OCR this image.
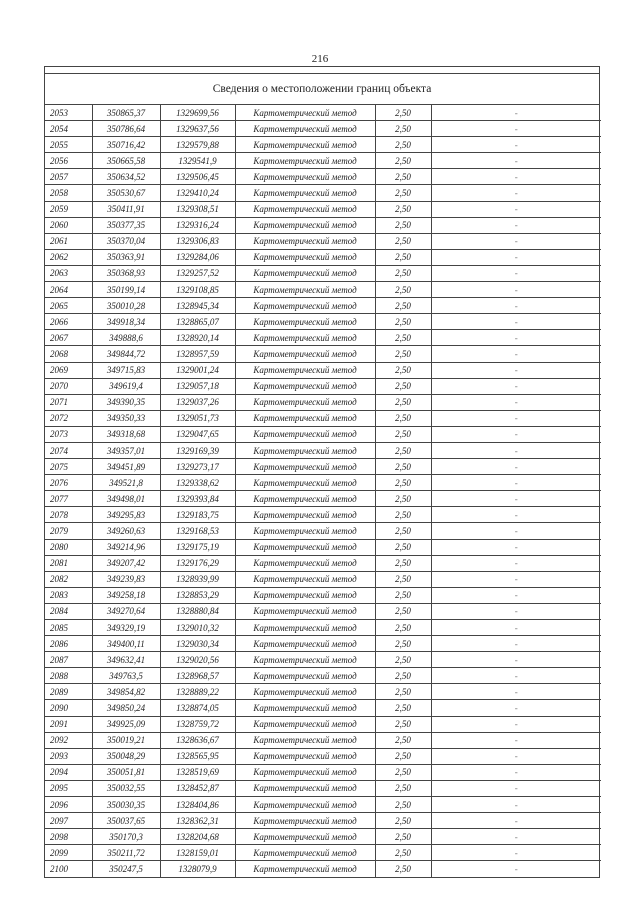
216
Сведения о местоположении границ объекта
2053	350865,37	1329699,56	Картометрический метод	2,50	-
2054	350786,64	1329637,56	Картометрический метод	2,50	-
2055	350716,42	1329579,88	Картометрический метод	2,50	-
2056	350665,58	1329541,9	Картометрический метод	2,50	-
2057	350634,52	1329506,45	Картометрический метод	2,50	-
2058	350530,67	1329410,24	Картометрический метод	2,50	-
2059	350411,91	1329308,51	Картометрический метод	2,50	-
2060	350377,35	1329316,24	Картометрический метод	2,50	-
2061	350370,04	1329306,83	Картометрический метод	2,50	-
2062	350363,91	1329284,06	Картометрический метод	2,50	-
2063	350368,93	1329257,52	Картометрический метод	2,50	-
2064	350199,14	1329108,85	Картометрический метод	2,50	-
2065	350010,28	1328945,34	Картометрический метод	2,50	-
2066	349918,34	1328865,07	Картометрический метод	2,50	-
2067	349888,6	1328920,14	Картометрический метод	2,50	-
2068	349844,72	1328957,59	Картометрический метод	2,50	-
2069	349715,83	1329001,24	Картометрический метод	2,50	-
2070	349619,4	1329057,18	Картометрический метод	2,50	-
2071	349390,35	1329037,26	Картометрический метод	2,50	-
2072	349350,33	1329051,73	Картометрический метод	2,50	-
2073	349318,68	1329047,65	Картометрический метод	2,50	-
2074	349357,01	1329169,39	Картометрический метод	2,50	-
2075	349451,89	1329273,17	Картометрический метод	2,50	-
2076	349521,8	1329338,62	Картометрический метод	2,50	-
2077	349498,01	1329393,84	Картометрический метод	2,50	-
2078	349295,83	1329183,75	Картометрический метод	2,50	-
2079	349260,63	1329168,53	Картометрический метод	2,50	-
2080	349214,96	1329175,19	Картометрический метод	2,50	-
2081	349207,42	1329176,29	Картометрический метод	2,50	-
2082	349239,83	1328939,99	Картометрический метод	2,50	-
2083	349258,18	1328853,29	Картометрический метод	2,50	-
2084	349270,64	1328880,84	Картометрический метод	2,50	-
2085	349329,19	1329010,32	Картометрический метод	2,50	-
2086	349400,11	1329030,34	Картометрический метод	2,50	-
2087	349632,41	1329020,56	Картометрический метод	2,50	-
2088	349763,5	1328968,57	Картометрический метод	2,50	-
2089	349854,82	1328889,22	Картометрический метод	2,50	-
2090	349850,24	1328874,05	Картометрический метод	2,50	-
2091	349925,09	1328759,72	Картометрический метод	2,50	-
2092	350019,21	1328636,67	Картометрический метод	2,50	-
2093	350048,29	1328565,95	Картометрический метод	2,50	-
2094	350051,81	1328519,69	Картометрический метод	2,50	-
2095	350032,55	1328452,87	Картометрический метод	2,50	-
2096	350030,35	1328404,86	Картометрический метод	2,50	-
2097	350037,65	1328362,31	Картометрический метод	2,50	-
2098	350170,3	1328204,68	Картометрический метод	2,50	-
2099	350211,72	1328159,01	Картометрический метод	2,50	-
2100	350247,5	1328079,9	Картометрический метод	2,50	-
